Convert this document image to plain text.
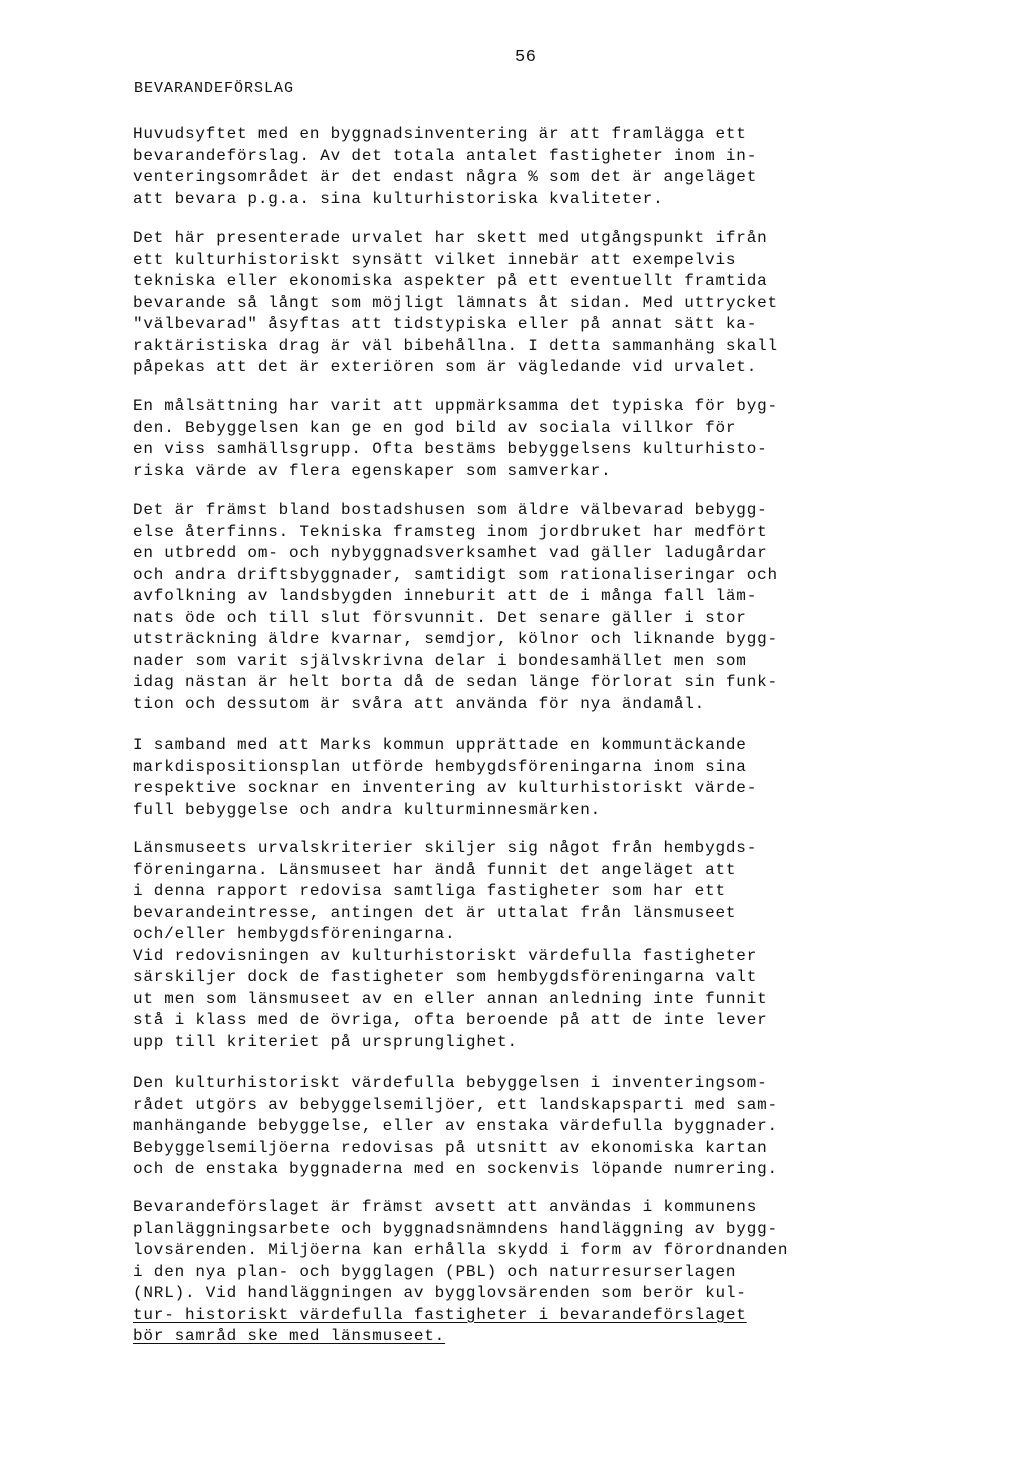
56
BEVARANDEFÖRSLAG
Huvudsyftet med en byggnadsinventering är att framlägga ett
bevarandeförslag. Av det totala antalet fastigheter inom in-
venteringsområdet är det endast några % som det är angeläget
att bevara p.g.a. sina kulturhistoriska kvaliteter.
Det här presenterade urvalet har skett med utgångspunkt ifrån
ett kulturhistoriskt synsätt vilket innebär att exempelvis
tekniska eller ekonomiska aspekter på ett eventuellt framtida
bevarande så långt som möjligt lämnats åt sidan. Med uttrycket
"välbevarad" åsyftas att tidstypiska eller på annat sätt ka-
raktäristiska drag är väl bibehållna. I detta sammanhäng skall
påpekas att det är exteriören som är vägledande vid urvalet.
En målsättning har varit att uppmärksamma det typiska för byg-
den. Bebyggelsen kan ge en god bild av sociala villkor för
en viss samhällsgrupp. Ofta bestäms bebyggelsens kulturhisto-
riska värde av flera egenskaper som samverkar.
Det är främst bland bostadshusen som äldre välbevarad bebygg-
else återfinns. Tekniska framsteg inom jordbruket har medfört
en utbredd om- och nybyggnadsverksamhet vad gäller ladugårdar
och andra driftsbyggnader, samtidigt som rationaliseringar och
avfolkning av landsbygden inneburit att de i många fall läm-
nats öde och till slut försvunnit. Det senare gäller i stor
utsträckning äldre kvarnar, semdjor, kölnor och liknande bygg-
nader som varit självskrivna delar i bondesamhället men som
idag nästan är helt borta då de sedan länge förlorat sin funk-
tion och dessutom är svåra att använda för nya ändamål.
I samband med att Marks kommun upprättade en kommuntäckande
markdispositionsplan utförde hembygdsföreningarna inom sina
respektive socknar en inventering av kulturhistoriskt värde-
full bebyggelse och andra kulturminnesmärken.
Länsmuseets urvalskriterier skiljer sig något från hembygds-
föreningarna. Länsmuseet har ändå funnit det angeläget att
i denna rapport redovisa samtliga fastigheter som har ett
bevarandeintresse, antingen det är uttalat från länsmuseet
och/eller hembygdsföreningarna.
Vid redovisningen av kulturhistoriskt värdefulla fastigheter
särskiljer dock de fastigheter som hembygdsföreningarna valt
ut men som länsmuseet av en eller annan anledning inte funnit
stå i klass med de övriga, ofta beroende på att de inte lever
upp till kriteriet på ursprunglighet.
Den kulturhistoriskt värdefulla bebyggelsen i inventeringsom-
rådet utgörs av bebyggelsemiljöer, ett landskapsparti med sam-
manhängande bebyggelse, eller av enstaka värdefulla byggnader.
Bebyggelsemiljöerna redovisas på utsnitt av ekonomiska kartan
och de enstaka byggnaderna med en sockenvis löpande numrering.
Bevarandeförslaget är främst avsett att användas i kommunens
planläggningsarbete och byggnadsnämndens handläggning av bygg-
lovsärenden. Miljöerna kan erhålla skydd i form av förordnanden
i den nya plan- och bygglagen (PBL) och naturresurserlagen
(NRL). Vid handläggningen av bygglovsärenden som berör kul-
tur- historiskt värdefulla fastigheter i bevarandeförslaget
bör samråd ske med länsmuseet.
